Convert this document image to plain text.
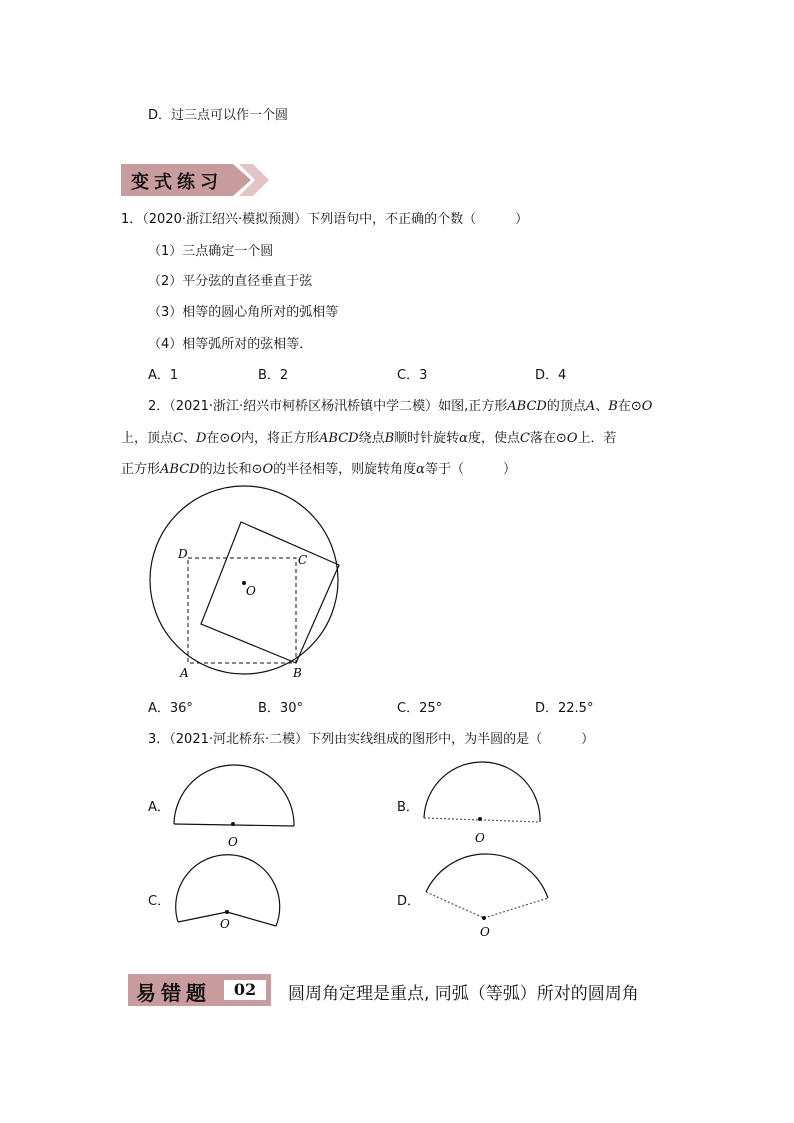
D．过三点可以作一个圆
变式练习
1．（2020·浙江绍兴·模拟预测）下列语句中，不正确的个数（　　　）
（1）三点确定一个圆
（2）平分弦的直径垂直于弦
（3）相等的圆心角所对的弧相等
（4）相等弧所对的弦相等．
A．1	B．2	C．3	D．4
2．（2021·浙江·绍兴市柯桥区杨汛桥镇中学二模）如图,正方形ABCD的顶点A、B在⊙O
上，顶点C、D在⊙O内，将正方形ABCD绕点B顺时针旋转α度，使点C落在⊙O上．若
正方形ABCD的边长和⊙O的半径相等，则旋转角度α等于（　　　）
O
D	C
A	B
A．36°	B．30°	C．25°	D．22.5°
3．（2021·河北桥东·二模）下列由实线组成的图形中，为半圆的是（　　　）
A．
O
B．
O
C．
O
D．
O
易错题	02	圆周角定理是重点, 同弧（等弧）所对的圆周角
